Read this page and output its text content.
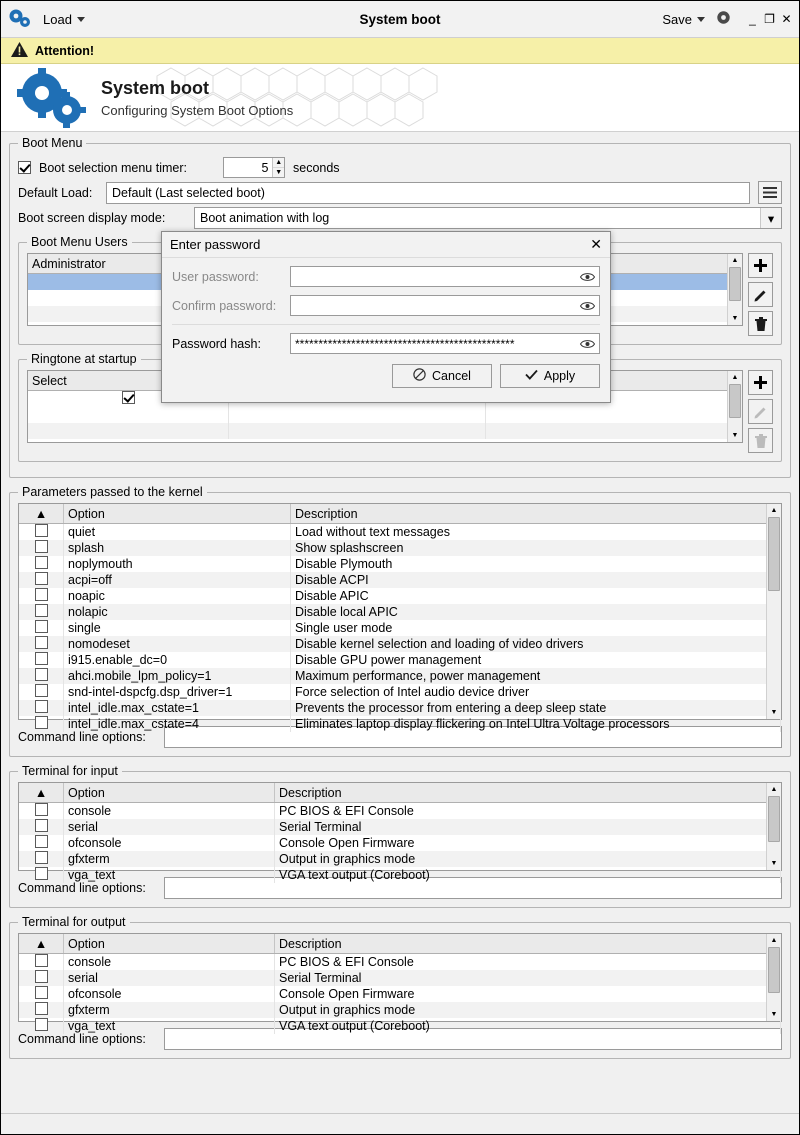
Load	System boot	Save	_ ❐ ✕
Attention!
System boot
Configuring System Boot Options
Boot Menu
Boot selection menu timer:
5	▲
▼ seconds
Default Load:	Default (Last selected boot)
Boot screen display mode:	Boot animation with log	▾
Boot Menu Users
Administrator	

		▲
▼
Ringtone at startup
Select		

			▲
▼
Parameters passed to the kernel
▲	Option	Description
	quiet	Load without text messages
	splash	Show splashscreen
	noplymouth	Disable Plymouth
	acpi=off	Disable ACPI
	noapic	Disable APIC
	nolapic	Disable local APIC
	single	Single user mode
	nomodeset	Disable kernel selection and loading of video drivers
	i915.enable_dc=0	Disable GPU power management
	ahci.mobile_lpm_policy=1	Maximum performance, power management
	snd-intel-dspcfg.dsp_driver=1	Force selection of Intel audio device driver
	intel_idle.max_cstate=1	Prevents the processor from entering a deep sleep state
	intel_idle.max_cstate=4	Eliminates laptop display flickering on Intel Ultra Voltage processors
▲
▼
Command line options:
Terminal for input
▲	Option	Description
	console	PC BIOS & EFI Console
	serial	Serial Terminal
	ofconsole	Console Open Firmware
	gfxterm	Output in graphics mode
	vga_text	VGA text output (Coreboot)
▲
▼
Command line options:
Terminal for output
▲	Option	Description
	console	PC BIOS & EFI Console
	serial	Serial Terminal
	ofconsole	Console Open Firmware
	gfxterm	Output in graphics mode
	vga_text	VGA text output (Coreboot)
▲
▼
Command line options:
Enter password	✕
User password:
Confirm password:
Password hash:	***********************************************
Cancel	Apply
